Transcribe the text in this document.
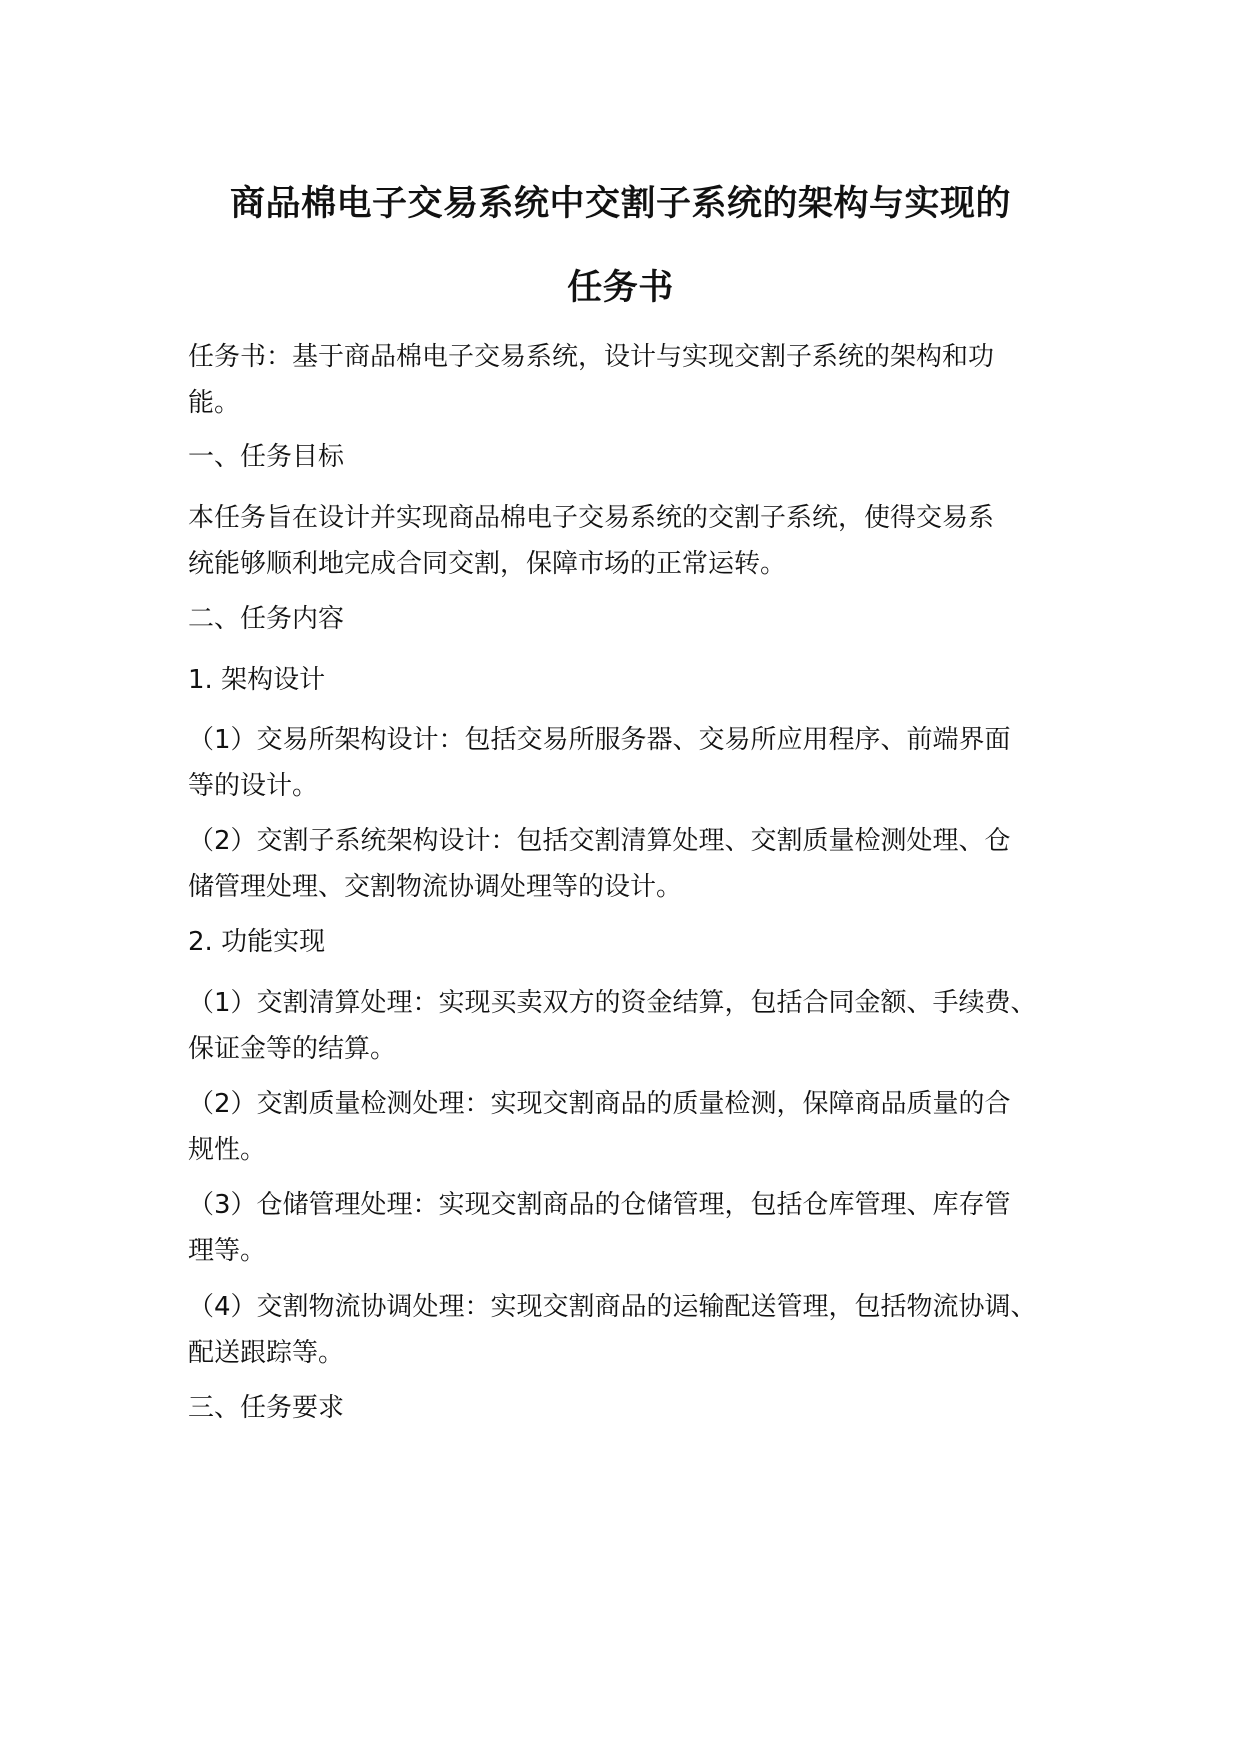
商品棉电子交易系统中交割子系统的架构与实现的
任务书
任务书：基于商品棉电子交易系统，设计与实现交割子系统的架构和功
能。
一、任务目标
本任务旨在设计并实现商品棉电子交易系统的交割子系统，使得交易系
统能够顺利地完成合同交割，保障市场的正常运转。
二、任务内容
1. 架构设计
（1）交易所架构设计：包括交易所服务器、交易所应用程序、前端界面
等的设计。
（2）交割子系统架构设计：包括交割清算处理、交割质量检测处理、仓
储管理处理、交割物流协调处理等的设计。
2. 功能实现
（1）交割清算处理：实现买卖双方的资金结算，包括合同金额、手续费、
保证金等的结算。
（2）交割质量检测处理：实现交割商品的质量检测，保障商品质量的合
规性。
（3）仓储管理处理：实现交割商品的仓储管理，包括仓库管理、库存管
理等。
（4）交割物流协调处理：实现交割商品的运输配送管理，包括物流协调、
配送跟踪等。
三、任务要求
